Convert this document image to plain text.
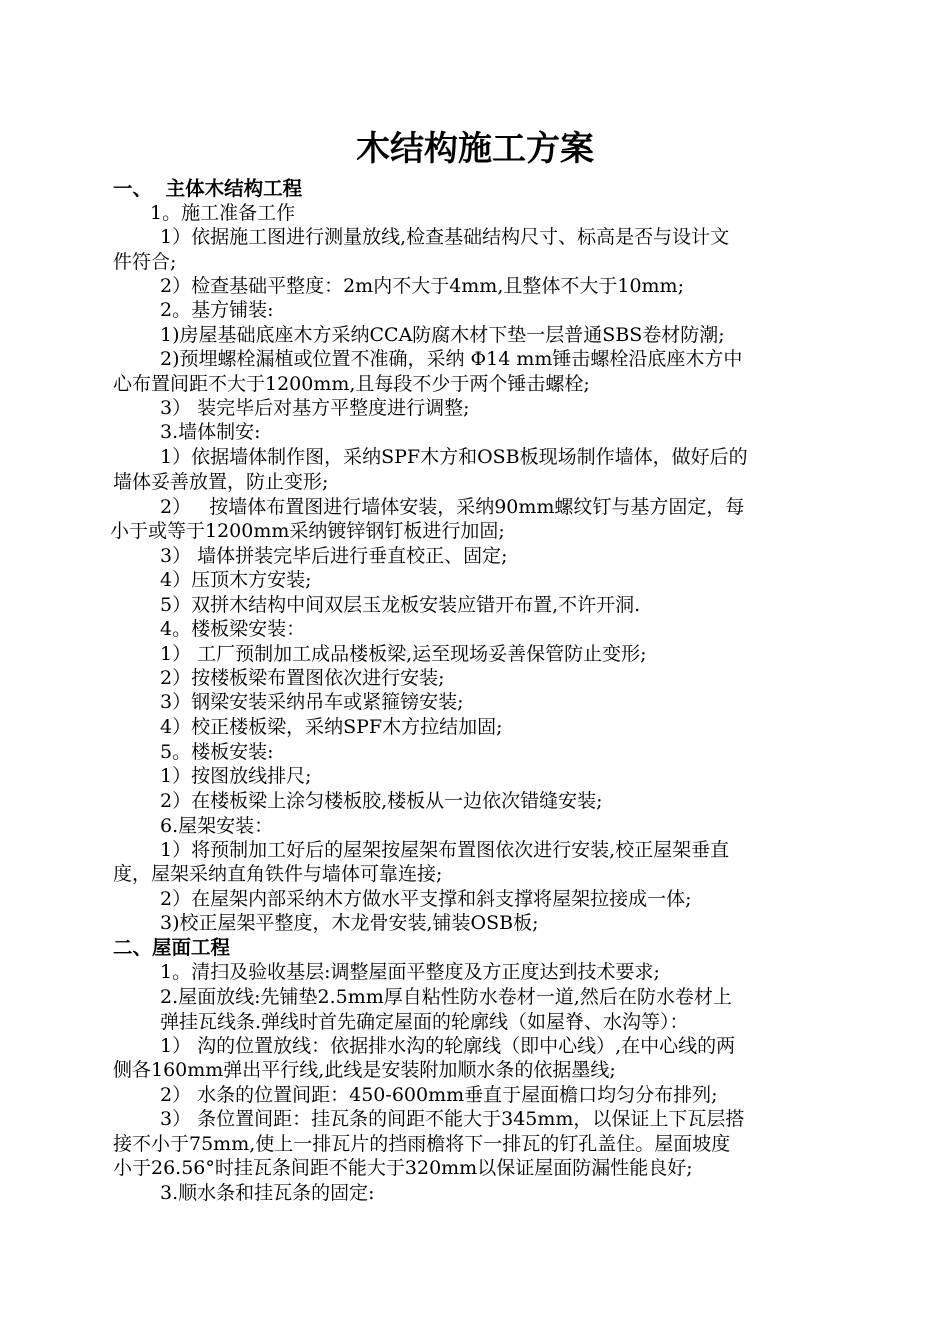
木结构施工方案
一、  主体木结构工程
1。施工准备工作
1）依据施工图进行测量放线,检查基础结构尺寸、标高是否与设计文
件符合;
2）检查基础平整度：2m内不大于4mm,且整体不大于10mm;
2。基方铺装:
1)房屋基础底座木方采纳CCA防腐木材下垫一层普通SBS卷材防潮;
2)预埋螺栓漏植或位置不准确，采纳 Φ14 mm锤击螺栓沿底座木方中
心布置间距不大于1200mm,且每段不少于两个锤击螺栓;
3） 装完毕后对基方平整度进行调整;
3.墙体制安:
1）依据墙体制作图，采纳SPF木方和OSB板现场制作墙体，做好后的
墙体妥善放置，防止变形;
2）   按墙体布置图进行墙体安装，采纳90mm螺纹钉与基方固定，每
小于或等于1200mm采纳镀锌钢钉板进行加固;
3） 墙体拼装完毕后进行垂直校正、固定;
4）压顶木方安装;
5）双拼木结构中间双层玉龙板安装应错开布置,不许开洞.
4。楼板梁安装：
1） 工厂预制加工成品楼板梁,运至现场妥善保管防止变形;
2）按楼板梁布置图依次进行安装;
3）钢梁安装采纳吊车或紧箍镑安装;
4）校正楼板梁，采纳SPF木方拉结加固;
5。楼板安装:
1）按图放线排尺;
2）在楼板梁上涂匀楼板胶,楼板从一边依次错缝安装;
6.屋架安装：
1）将预制加工好后的屋架按屋架布置图依次进行安装,校正屋架垂直
度，屋架采纳直角铁件与墙体可靠连接;
2）在屋架内部采纳木方做水平支撑和斜支撑将屋架拉接成一体;
3)校正屋架平整度，木龙骨安装,铺装OSB板;
二、屋面工程
1。清扫及验收基层:调整屋面平整度及方正度达到技术要求;
2.屋面放线:先铺垫2.5mm厚自粘性防水卷材一道,然后在防水卷材上
弹挂瓦线条.弹线时首先确定屋面的轮廓线（如屋脊、水沟等）：
1） 沟的位置放线：依据排水沟的轮廓线（即中心线）,在中心线的两
侧各160mm弹出平行线,此线是安装附加顺水条的依据墨线;
2） 水条的位置间距：450-600mm垂直于屋面檐口均匀分布排列;
3） 条位置间距：挂瓦条的间距不能大于345mm，以保证上下瓦层搭
接不小于75mm,使上一排瓦片的挡雨檐将下一排瓦的钉孔盖住。屋面坡度
小于26.56°时挂瓦条间距不能大于320mm以保证屋面防漏性能良好;
3.顺水条和挂瓦条的固定:
